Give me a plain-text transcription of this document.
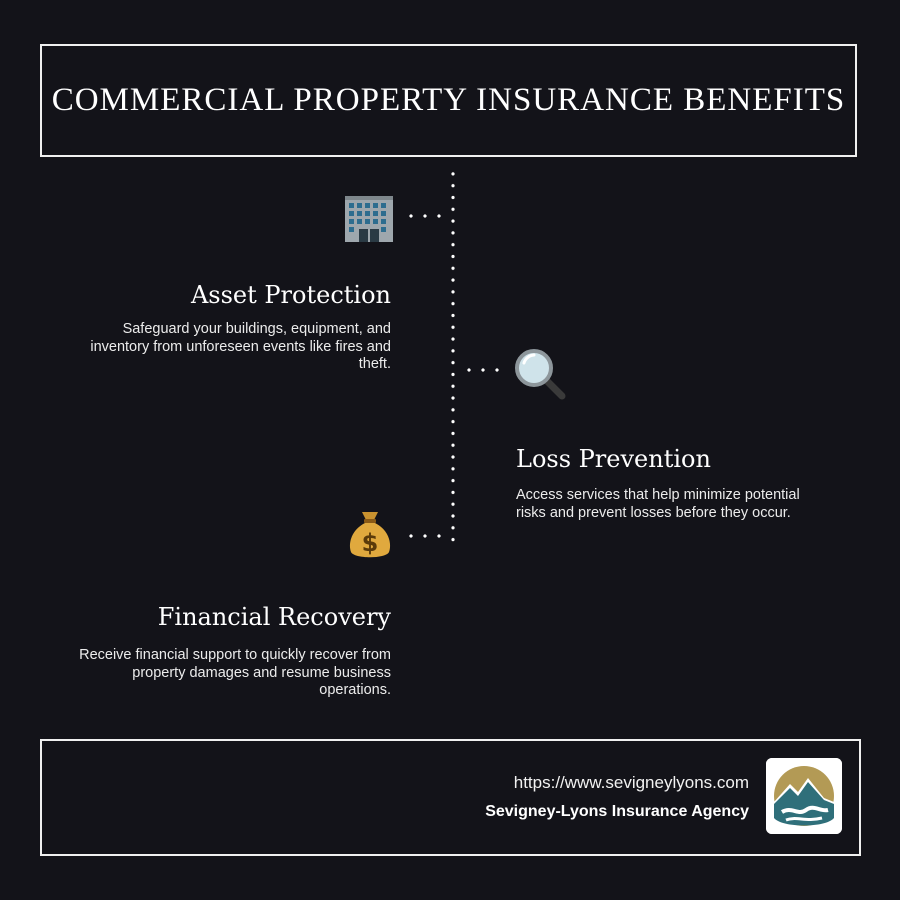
COMMERCIAL PROPERTY INSURANCE BENEFITS
Asset Protection
Safeguard your buildings, equipment, and
inventory from unforeseen events like fires and
theft.
Loss Prevention
Access services that help minimize potential
risks and prevent losses before they occur.
$
Financial Recovery
Receive financial support to quickly recover from
property damages and resume business
operations.
https://www.sevigneylyons.com
Sevigney-Lyons Insurance Agency
